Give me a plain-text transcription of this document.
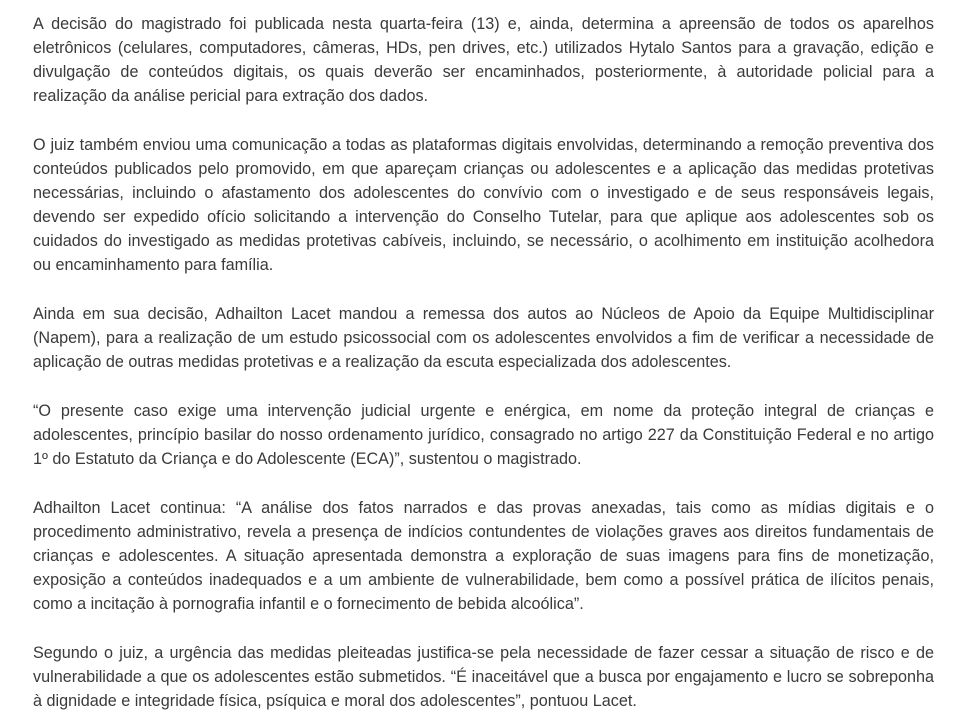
A decisão do magistrado foi publicada nesta quarta-feira (13) e, ainda, determina a apreensão de todos os aparelhos eletrônicos (celulares, computadores, câmeras, HDs, pen drives, etc.) utilizados Hytalo Santos para a gravação, edição e divulgação de conteúdos digitais, os quais deverão ser encaminhados, posteriormente, à autoridade policial para a realização da análise pericial para extração dos dados.

O juiz também enviou uma comunicação a todas as plataformas digitais envolvidas, determinando a remoção preventiva dos conteúdos publicados pelo promovido, em que apareçam crianças ou adolescentes e a aplicação das medidas protetivas necessárias, incluindo o afastamento dos adolescentes do convívio com o investigado e de seus responsáveis legais, devendo ser expedido ofício solicitando a intervenção do Conselho Tutelar, para que aplique aos adolescentes sob os cuidados do investigado as medidas protetivas cabíveis, incluindo, se necessário, o acolhimento em instituição acolhedora ou encaminhamento para família.

Ainda em sua decisão, Adhailton Lacet mandou a remessa dos autos ao Núcleos de Apoio da Equipe Multidisciplinar (Napem), para a realização de um estudo psicossocial com os adolescentes envolvidos a fim de verificar a necessidade de aplicação de outras medidas protetivas e a realização da escuta especializada dos adolescentes.

“O presente caso exige uma intervenção judicial urgente e enérgica, em nome da proteção integral de crianças e adolescentes, princípio basilar do nosso ordenamento jurídico, consagrado no artigo 227 da Constituição Federal e no artigo 1º do Estatuto da Criança e do Adolescente (ECA)”, sustentou o magistrado.

Adhailton Lacet continua: “A análise dos fatos narrados e das provas anexadas, tais como as mídias digitais e o procedimento administrativo, revela a presença de indícios contundentes de violações graves aos direitos fundamentais de crianças e adolescentes. A situação apresentada demonstra a exploração de suas imagens para fins de monetização, exposição a conteúdos inadequados e a um ambiente de vulnerabilidade, bem como a possível prática de ilícitos penais, como a incitação à pornografia infantil e o fornecimento de bebida alcoólica”.

Segundo o juiz, a urgência das medidas pleiteadas justifica-se pela necessidade de fazer cessar a situação de risco e de vulnerabilidade a que os adolescentes estão submetidos. “É inaceitável que a busca por engajamento e lucro se sobreponha à dignidade e integridade física, psíquica e moral dos adolescentes”, pontuou Lacet.
